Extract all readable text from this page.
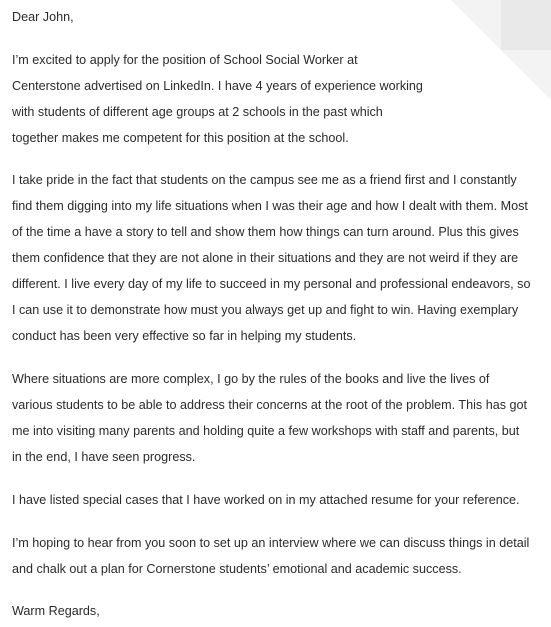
Dear John,

I’m excited to apply for the position of School Social Worker at
Centerstone advertised on LinkedIn. I have 4 years of experience working
with students of different age groups at 2 schools in the past which
together makes me competent for this position at the school.

I take pride in the fact that students on the campus see me as a friend first and I constantly find them digging into my life situations when I was their age and how I dealt with them. Most of the time a have a story to tell and show them how things can turn around. Plus this gives them confidence that they are not alone in their situations and they are not weird if they are different. I live every day of my life to succeed in my personal and professional endeavors, so I can use it to demonstrate how must you always get up and fight to win. Having exemplary conduct has been very effective so far in helping my students.

Where situations are more complex, I go by the rules of the books and live the lives of various students to be able to address their concerns at the root of the problem. This has got me into visiting many parents and holding quite a few workshops with staff and parents, but in the end, I have seen progress.

I have listed special cases that I have worked on in my attached resume for your reference.

I’m hoping to hear from you soon to set up an interview where we can discuss things in detail and chalk out a plan for Cornerstone students’ emotional and academic success.

Warm Regards,
